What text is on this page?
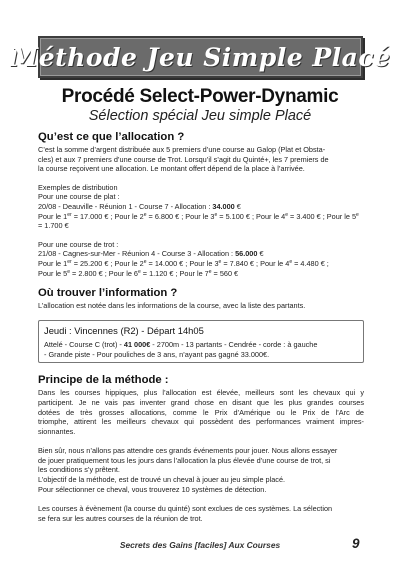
Méthode Jeu Simple Placé
Procédé Select-Power-Dynamic
Sélection spécial Jeu simple Placé
Qu’est ce que l’allocation ?
C’est la somme d’argent distribuée aux 5 premiers d’une course au Galop (Plat et Obsta-
cles) et aux 7 premiers d’une course de Trot. Lorsqu’il s’agit du Quinté+, les 7 premiers de
la course reçoivent une allocation. Le montant offert dépend de la place à l’arrivée.
Exemples de distribution
Pour une course de plat :
20/08 - Deauville - Réunion 1 - Course 7 - Allocation : 34.000 €
Pour le 1er = 17.000 € ; Pour le $2^e = 6.800$ € ; Pour le $3^e = 5.100$ € ; Pour le $4^e = 3.400$ € ; Pour le $5^e = 1.700$ €
Pour une course de trot :
21/08 - Cagnes-sur-Mer - Réunion 4 - Course 3 - Allocation : 56.000 €
Pour le 1er = 25.200 € ; Pour le $2^e = 14.000$ € ; Pour le $3^e = 7.840$ € ; Pour le $4^e = 4.480$ € ;
Pour le $5^e = 2.800$ € ; Pour le $6^e = 1.120$ € ; Pour le $7^e = 560$ €
Où trouver l’information ?
L’allocation est notée dans les informations de la course, avec la liste des partants.
Jeudi : Vincennes (R2) - Départ 14h05
Attelé - Course C (trot) - 41 000€ - 2700m - 13 partants - Cendrée - corde : à gauche
- Grande piste - Pour pouliches de 3 ans, n’ayant pas gagné 33.000€.
Principe de la méthode :
Dans les courses hippiques, plus l’allocation est élevée, meilleurs sont les chevaux qui y
participent. Je ne vais pas inventer grand chose en disant que les plus grandes courses
dotées de très grosses allocations, comme le Prix d’Amérique ou le Prix de l’Arc de
triomphe, attirent les meilleurs chevaux qui possèdent des performances vraiment impres-
sionnantes.
Bien sûr, nous n’allons pas attendre ces grands événements pour jouer. Nous allons essayer
de jouer pratiquement tous les jours dans l’allocation la plus élevée d’une course de trot, si
les conditions s’y prêtent.
L’objectif de la méthode, est de trouvé un cheval à jouer au jeu simple placé.
Pour sélectionner ce cheval, vous trouverez 10 systèmes de détection.
Les courses à évènement (la course du quinté) sont exclues de ces systèmes. La sélection
se fera sur les autres courses de la réunion de trot.
Secrets des Gains [faciles] Aux Courses	9
